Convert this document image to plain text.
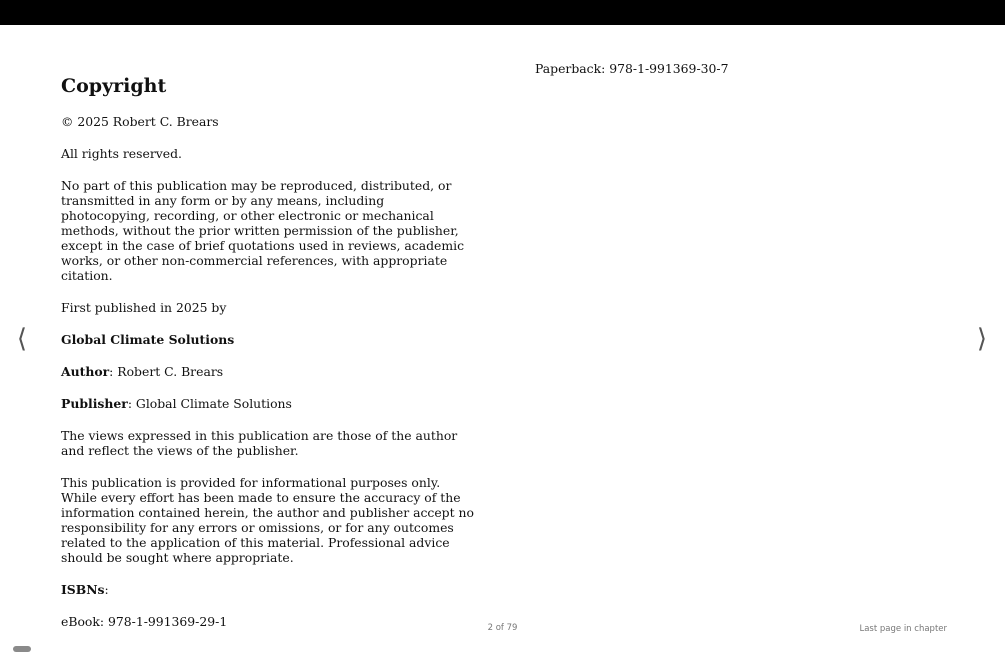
Copyright

© 2025 Robert C. Brears

All rights reserved.

No part of this publication may be reproduced, distributed, or transmitted in any form or by any means, including photocopying, recording, or other electronic or mechanical methods, without the prior written permission of the publisher, except in the case of brief quotations used in reviews, academic works, or other non-commercial references, with appropriate citation.

First published in 2025 by

Global Climate Solutions

Author: Robert C. Brears

Publisher: Global Climate Solutions

The views expressed in this publication are those of the author and reflect the views of the publisher.

This publication is provided for informational purposes only. While every effort has been made to ensure the accuracy of the information contained herein, the author and publisher accept no responsibility for any errors or omissions, or for any outcomes related to the application of this material. Professional advice should be sought where appropriate.

ISBNs:

eBook: 978-1-991369-29-1

Paperback: 978-1-991369-30-7

⟨	⟩
2 of 79	Last page in chapter
